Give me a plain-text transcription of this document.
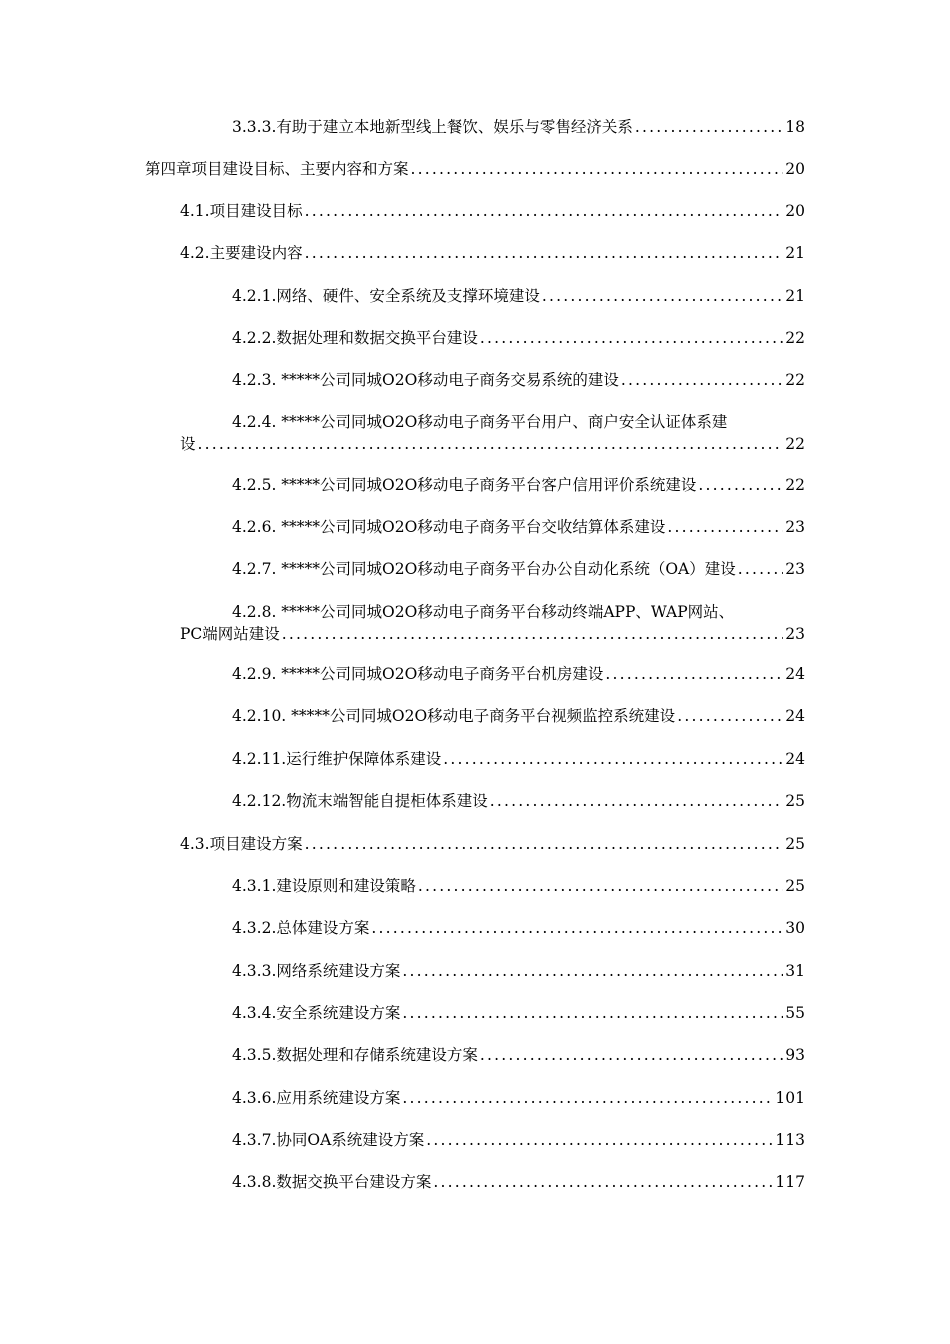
3.3.3.有助于建立本地新型线上餐饮、娱乐与零售经济关系 .....	18
第四章项目建设目标、主要内容和方案 .....	20
4.1.项目建设目标 .....	20
4.2.主要建设内容 .....	21
4.2.1.网络、硬件、安全系统及支撑环境建设 .....	21
4.2.2.数据处理和数据交换平台建设 .....	22
4.2.3. *****公司同城O2O移动电子商务交易系统的建设 .....	22
4.2.4. *****公司同城O2O移动电子商务平台用户、商户安全认证体系建
设 .....	22
4.2.5. *****公司同城O2O移动电子商务平台客户信用评价系统建设 .....	22
4.2.6. *****公司同城O2O移动电子商务平台交收结算体系建设 .....	23
4.2.7. *****公司同城O2O移动电子商务平台办公自动化系统（OA）建设 .....	23
4.2.8. *****公司同城O2O移动电子商务平台移动终端APP、WAP网站、
PC端网站建设 .....	23
4.2.9. *****公司同城O2O移动电子商务平台机房建设 .....	24
4.2.10. *****公司同城O2O移动电子商务平台视频监控系统建设 .....	24
4.2.11.运行维护保障体系建设 .....	24
4.2.12.物流末端智能自提柜体系建设 .....	25
4.3.项目建设方案 .....	25
4.3.1.建设原则和建设策略 .....	25
4.3.2.总体建设方案 .....	30
4.3.3.网络系统建设方案 .....	31
4.3.4.安全系统建设方案 .....	55
4.3.5.数据处理和存储系统建设方案 .....	93
4.3.6.应用系统建设方案 .....	101
4.3.7.协同OA系统建设方案 .....	113
4.3.8.数据交换平台建设方案 .....	117
